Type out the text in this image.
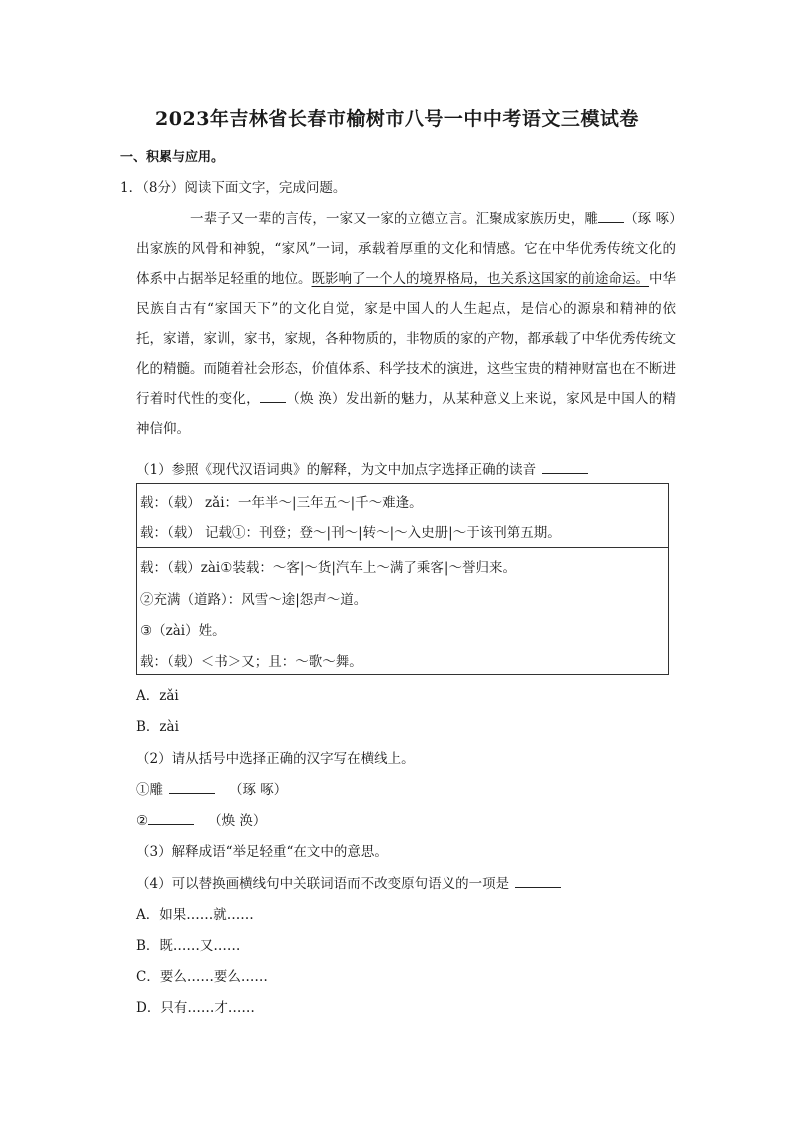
2023年吉林省长春市榆树市八号一中中考语文三模试卷
一、积累与应用。
1．（8分）阅读下面文字，完成问题。
一辈子又一辈的言传，一家又一家的立德立言。汇聚成家族历史，雕 （琢 啄）出家族的风骨和神貌，“家风”一词，承载着厚重的文化和情感。它在中华优秀传统文化的体系中占据举足轻重的地位。既影响了一个人的境界格局，也关系这国家的前途命运。中华民族自古有“家国天下”的文化自觉，家是中国人的人生起点，是信心的源泉和精神的依托，家谱，家训，家书，家规，各种物质的，非物质的家的产物，都承载了中华优秀传统文化的精髓。而随着社会形态，价值体系、科学技术的演进，这些宝贵的精神财富也在不断进行着时代性的变化， （焕 涣）发出新的魅力，从某种意义上来说，家风是中国人的精神信仰。
（1）参照《现代汉语词典》的解释，为文中加点字选择正确的读音
载：（载） zǎi：一年半～|三年五～|千～难逢。
载：（载） 记载①：刊登；登～|刊～|转～|～入史册|～于该刊第五期。
载：（载）zài①装载：～客|～货|汽车上～满了乘客|～誉归来。
②充满（道路）：风雪～途|怨声～道。
③（zài）姓。
载：（载）＜书＞又；且：～歌～舞。
A．zǎi
B．zài
（2）请从括号中选择正确的汉字写在横线上。
①雕	（琢 啄）
②	（焕 涣）
（3）解释成语“举足轻重“在文中的意思。
（4）可以替换画横线句中关联词语而不改变原句语义的一项是
A．如果……就……
B．既……又……
C．要么……要么……
D．只有……才……
